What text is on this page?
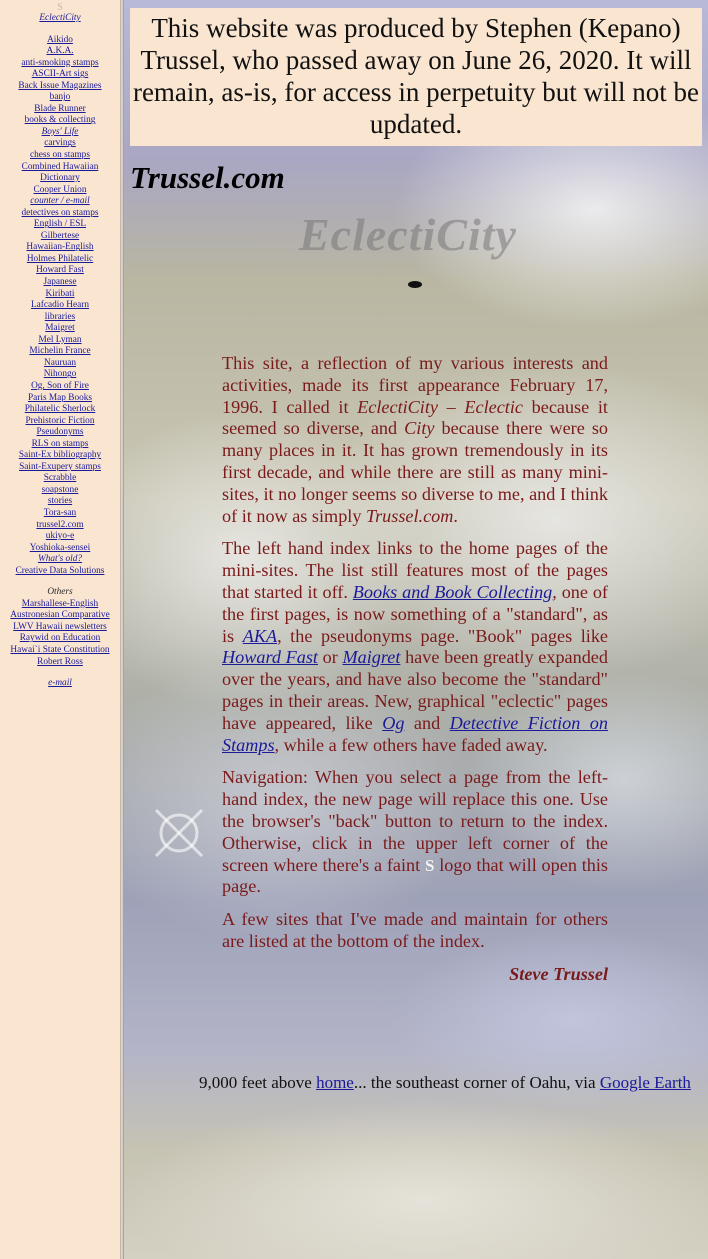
S
EclectiCity
Aikido
A.K.A.
anti-smoking stamps
ASCII-Art sigs
Back Issue Magazines
banjo
Blade Runner
books & collecting
Boys' Life
carvings
chess on stamps
Combined Hawaiian
Dictionary
Cooper Union
counter / e-mail
detectives on stamps
English / ESL
Gilbertese
Hawaiian-English
Holmes Philatelic
Howard Fast
Japanese
Kiribati
Lafcadio Hearn
libraries
Maigret
Mel Lyman
Michelin France
Nauruan
Nihongo
Og, Son of Fire
Paris Map Books
Philatelic Sherlock
Prehistoric Fiction
Pseudonyms
RLS on stamps
Saint-Ex bibliography
Saint-Exupery stamps
Scrabble
soapstone
stories
Tora-san
trussel2.com
ukiyo-e
Yoshioka-sensei
What's old?
Creative Data Solutions
Others
Marshallese-English
Austronesian Comparative
LWV Hawaii newsletters
Raywid on Education
Hawai`i State Constitution
Robert Ross
e-mail
This website was produced by Stephen (Kepano) Trussel, who passed away on June 26, 2020. It will remain, as-is, for access in perpetuity but will not be updated.
Trussel.com
EclectiCity

This site, a reflection of my various interests and activities, made its first appearance February 17, 1996. I called it EclectiCity – Eclectic because it seemed so diverse, and City because there were so many places in it. It has grown tremendously in its first decade, and while there are still as many mini-sites, it no longer seems so diverse to me, and I think of it now as simply Trussel.com.

The left hand index links to the home pages of the mini-sites. The list still features most of the pages that started it off. Books and Book Collecting, one of the first pages, is now something of a "standard", as is AKA, the pseudonyms page. "Book" pages like Howard Fast or Maigret have been greatly expanded over the years, and have also become the "standard" pages in their areas. New, graphical "eclectic" pages have appeared, like Og and Detective Fiction on Stamps, while a few others have faded away.

Navigation: When you select a page from the left-hand index, the new page will replace this one. Use the browser's "back" button to return to the index. Otherwise, click in the upper left corner of the screen where there's a faint S logo that will open this page.

A few sites that I've made and maintain for others are listed at the bottom of the index.

Steve Trussel
9,000 feet above home... the southeast corner of Oahu, via Google Earth
